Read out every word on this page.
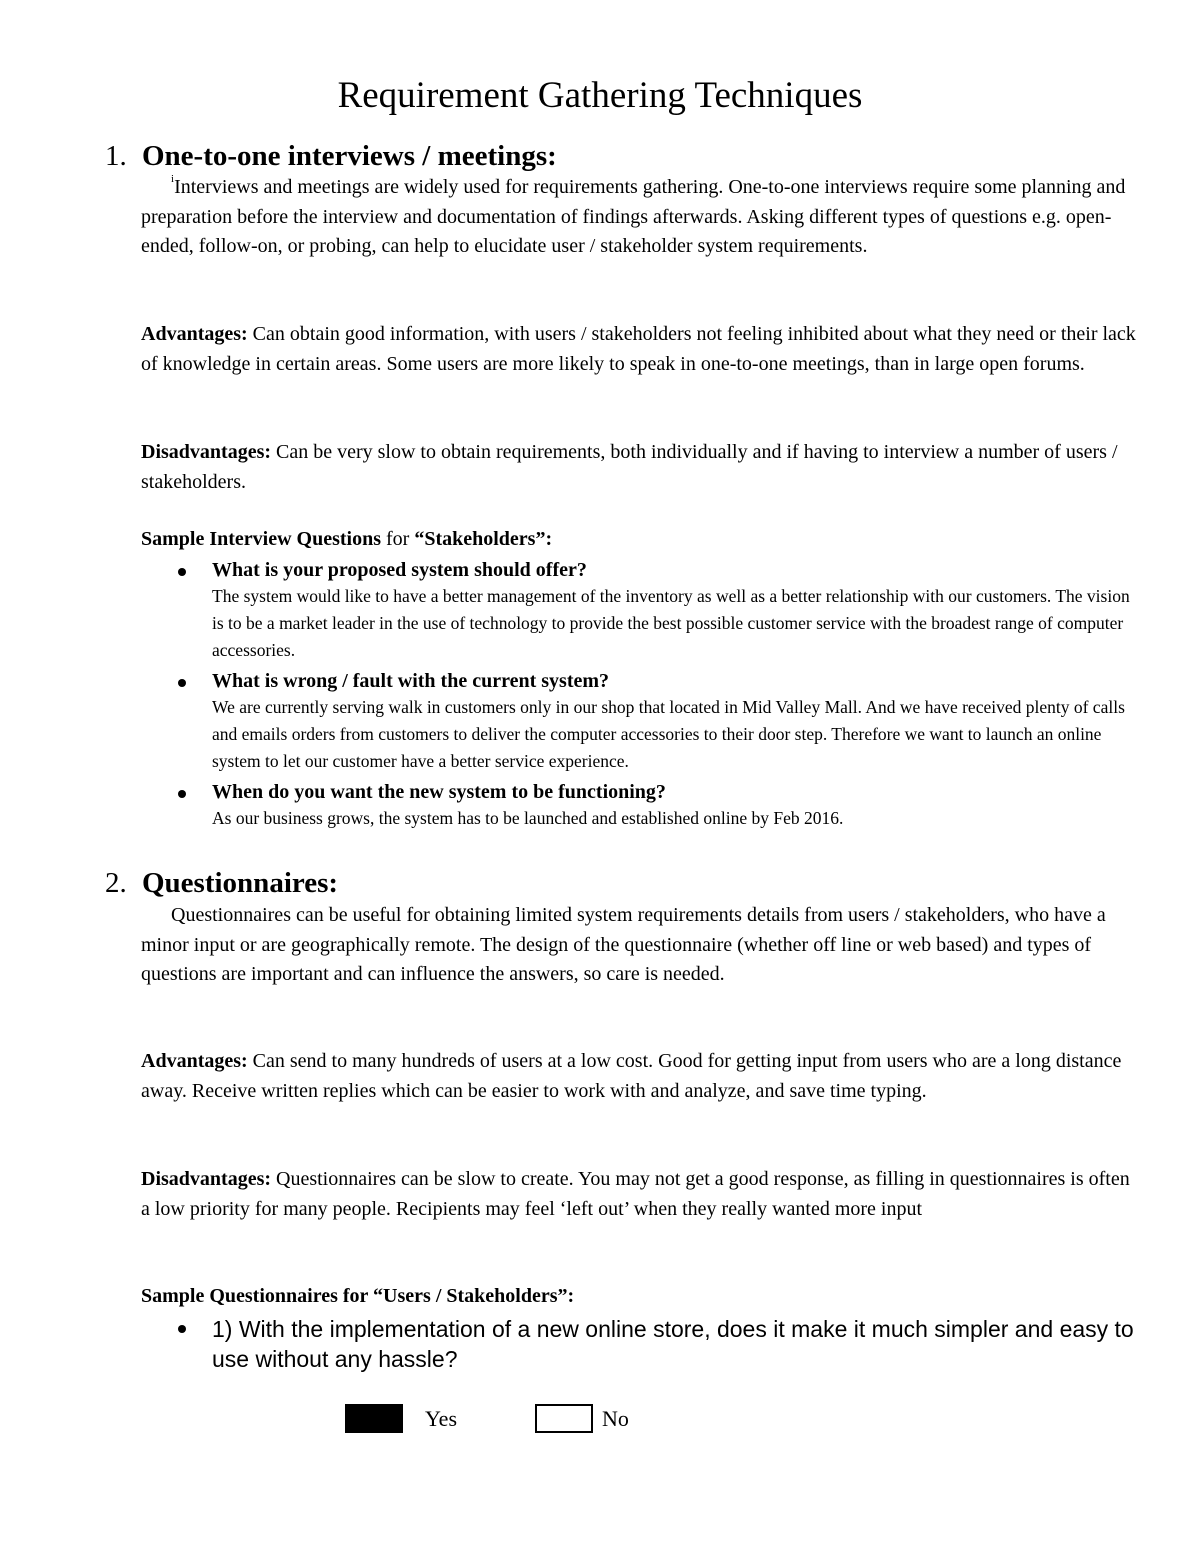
Requirement Gathering Techniques
1. One-to-one interviews / meetings:
$^i$Interviews and meetings are widely used for requirements gathering. One-to-one interviews require some planning and preparation before the interview and documentation of findings afterwards. Asking different types of questions e.g. open-ended, follow-on, or probing, can help to elucidate user / stakeholder system requirements.
Advantages: Can obtain good information, with users / stakeholders not feeling inhibited about what they need or their lack of knowledge in certain areas. Some users are more likely to speak in one-to-one meetings, than in large open forums.
Disadvantages: Can be very slow to obtain requirements, both individually and if having to interview a number of users / stakeholders.
Sample Interview Questions for “Stakeholders”:
What is your proposed system should offer?
The system would like to have a better management of the inventory as well as a better relationship with our customers. The vision is to be a market leader in the use of technology to provide the best possible customer service with the broadest range of computer accessories.
What is wrong / fault with the current system?
We are currently serving walk in customers only in our shop that located in Mid Valley Mall. And we have received plenty of calls and emails orders from customers to deliver the computer accessories to their door step. Therefore we want to launch an online system to let our customer have a better service experience.
When do you want the new system to be functioning?
As our business grows, the system has to be launched and established online by Feb 2016.
2. Questionnaires:
Questionnaires can be useful for obtaining limited system requirements details from users / stakeholders, who have a minor input or are geographically remote. The design of the questionnaire (whether off line or web based) and types of questions are important and can influence the answers, so care is needed.
Advantages: Can send to many hundreds of users at a low cost. Good for getting input from users who are a long distance away. Receive written replies which can be easier to work with and analyze, and save time typing.
Disadvantages: Questionnaires can be slow to create. You may not get a good response, as filling in questionnaires is often a low priority for many people. Recipients may feel ‘left out’ when they really wanted more input
Sample Questionnaires for “Users / Stakeholders”:
1) With the implementation of a new online store, does it make it much simpler and easy to use without any hassle?
Yes	No
